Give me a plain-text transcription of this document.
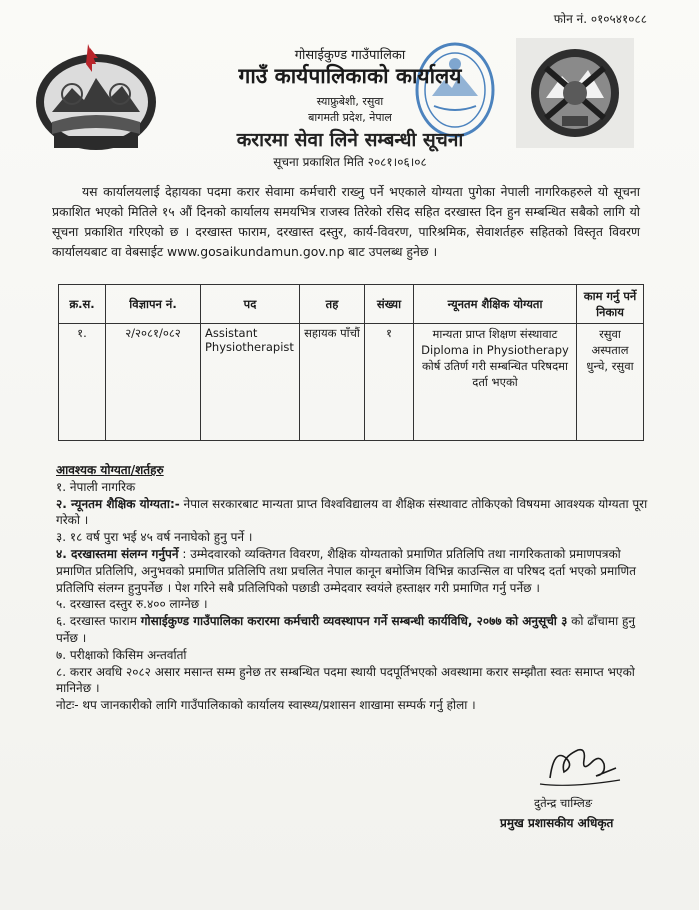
फोन नं. ०१०५४१०८८
गोसाईकुण्ड गाउँपालिका
गाउँ कार्यपालिकाको कार्यालय
स्याफ्रुबेशी, रसुवा
बागमती प्रदेश, नेपाल
करारमा सेवा लिने सम्बन्धी सूचना
सूचना प्रकाशित मिति २०८१।०६।०८
यस कार्यालयलाई देहायका पदमा करार सेवामा कर्मचारी राख्नु पर्ने भएकाले योग्यता पुगेका नेपाली नागरिकहरुले यो सूचना प्रकाशित भएको मितिले १५ औं दिनको कार्यालय समयभित्र राजस्व तिरेको रसिद सहित दरखास्त दिन हुन सम्बन्धित सबैको लागि यो सूचना प्रकाशित गरिएको छ । दरखास्त फाराम, दरखास्त दस्तुर, कार्य-विवरण, पारिश्रमिक, सेवाशर्तहरु सहितको विस्तृत विवरण कार्यालयबाट वा वेबसाईट www.gosaikundamun.gov.np बाट उपलब्ध हुनेछ ।
क्र.स.	विज्ञापन नं.	पद	तह	संख्या	न्यूनतम शैक्षिक योग्यता	काम गर्नु पर्ने निकाय
१.	२/२०८१/०८२	Assistant Physiotherapist	सहायक पाँचौं	१	मान्यता प्राप्त शिक्षण संस्थावाट Diploma in Physiotherapy कोर्ष उतिर्ण गरी सम्बन्धित परिषदमा दर्ता भएको	रसुवा अस्पताल धुन्चे, रसुवा

आवश्यक योग्यता/शर्तहरु

१. नेपाली नागरिक

२. न्यूनतम शैक्षिक योग्यता:- नेपाल सरकारबाट मान्यता प्राप्त विश्वविद्यालय वा शैक्षिक संस्थावाट तोकिएको विषयमा आवश्यक योग्यता पूरा गरेको ।

३. १८ वर्ष पुरा भई ४५ वर्ष ननाघेको हुनु पर्ने ।

४. दरखास्तमा संलग्न गर्नुपर्ने : उम्मेदवारको व्यक्तिगत विवरण, शैक्षिक योग्यताको प्रमाणित प्रतिलिपि तथा नागरिकताको प्रमाणपत्रको प्रमाणित प्रतिलिपि, अनुभवको प्रमाणित प्रतिलिपि तथा प्रचलित नेपाल कानून बमोजिम विभिन्न काउन्सिल वा परिषद दर्ता भएको प्रमाणित प्रतिलिपि संलग्न हुनुपर्नेछ । पेश गरिने सबै प्रतिलिपिको पछाडी उम्मेदवार स्वयंले हस्ताक्षर गरी प्रमाणित गर्नु पर्नेछ ।

५. दरखास्त दस्तुर रु.४०० लाग्नेछ ।

६. दरखास्त फाराम गोसाईकुण्ड गाउँपालिका करारमा कर्मचारी व्यवस्थापन गर्ने सम्बन्धी कार्यविधि, २०७७ को अनुसूची ३ को ढाँचामा हुनु पर्नेछ ।

७. परीक्षाको किसिम अन्तर्वार्ता

८. करार अवधि २०८२ असार मसान्त सम्म हुनेछ तर सम्बन्धित पदमा स्थायी पदपूर्तिभएको अवस्थामा करार सम्झौता स्वतः समाप्त भएको मानिनेछ ।

नोटः- थप जानकारीको लागि गाउँपालिकाको कार्यालय स्वास्थ्य/प्रशासन शाखामा सम्पर्क गर्नु होला ।

दुतेन्द्र चाम्लिङ
प्रमुख प्रशासकीय अधिकृत
